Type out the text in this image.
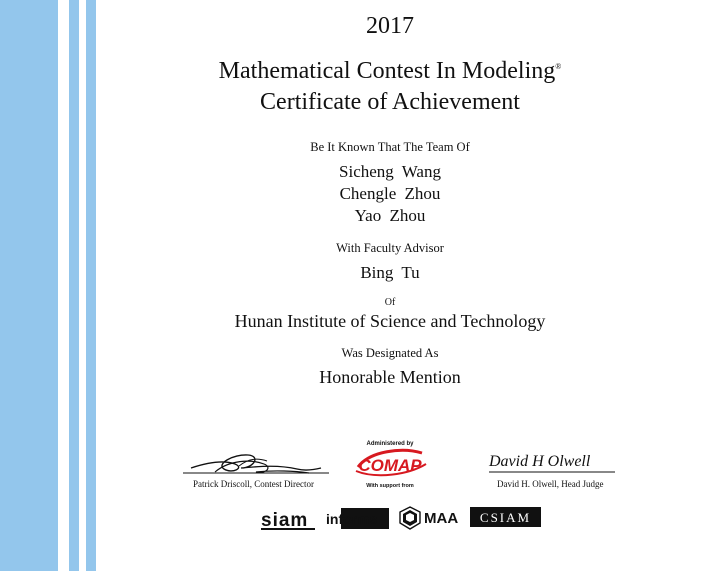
2017
Mathematical Contest In Modeling®
Certificate of Achievement
Be It Known That The Team Of
Sicheng Wang
Chengle Zhou
Yao Zhou
With Faculty Advisor
Bing Tu
Of
Hunan Institute of Science and Technology
Was Designated As
Honorable Mention
Patrick Driscoll, Contest Director
Administered by
COMAP
With support from
David H Olwell
David H. Olwell, Head Judge
siam informs	MAA CSIAM
